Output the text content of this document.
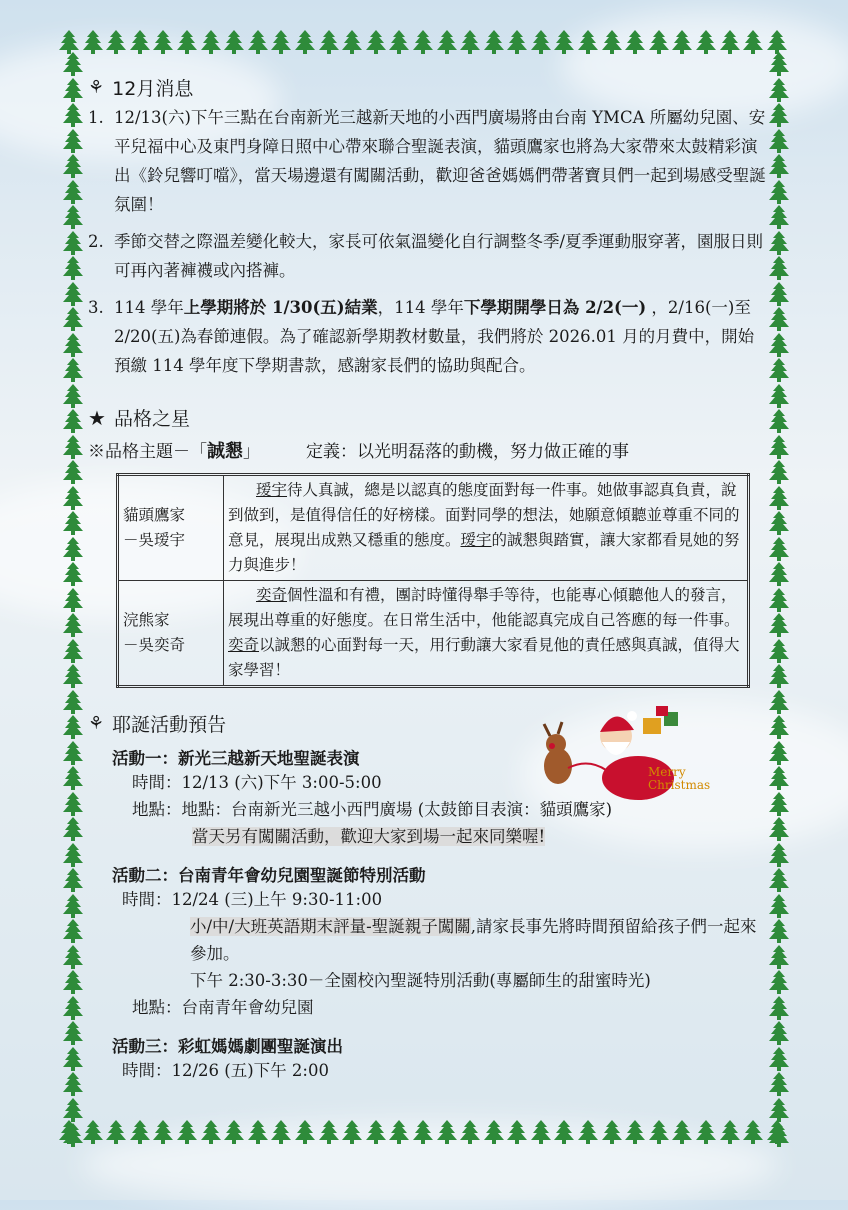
⚘ 12月消息
1. 12/13(六)下午三點在台南新光三越新天地的小西門廣場將由台南 YMCA 所屬幼兒園、安平兒福中心及東門身障日照中心帶來聯合聖誕表演，貓頭鷹家也將為大家帶來太鼓精彩演出《鈴兒響叮噹》，當天場邊還有闖關活動，歡迎爸爸媽媽們帶著寶貝們一起到場感受聖誕氛圍！
2. 季節交替之際溫差變化較大，家長可依氣溫變化自行調整冬季/夏季運動服穿著，園服日則可再內著褲襪或內搭褲。
3. 114 學年上學期將於 1/30(五)結業，114 學年下學期開學日為 2/2(一) ，2/16(一)至 2/20(五)為春節連假。為了確認新學期教材數量，我們將於 2026.01 月的月費中，開始預繳 114 學年度下學期書款，感謝家長們的協助與配合。
★ 品格之星
※品格主題－「 誠懇 」	定義：以光明磊落的動機，努力做正確的事
貓頭鷹家
－吳瑷宇	瑷宇待人真誠，總是以認真的態度面對每一件事。她做事認真負責，說到做到，是值得信任的好榜樣。面對同學的想法，她願意傾聽並尊重不同的意見，展現出成熟又穩重的態度。瑷宇的誠懇與踏實，讓大家都看見她的努力與進步！

浣熊家
－吳奕奇	奕奇個性溫和有禮，團討時懂得舉手等待，也能專心傾聽他人的發言，展現出尊重的好態度。在日常生活中，他能認真完成自己答應的每一件事。奕奇以誠懇的心面對每一天，用行動讓大家看見他的責任感與真誠，值得大家學習！
⚘ 耶誕活動預告
Merry
Christmas
活動一：新光三越新天地聖誕表演
時間：12/13 (六)下午 3:00-5:00
地點：地點：台南新光三越小西門廣場 (太鼓節目表演：貓頭鷹家)
當天另有闖關活動，歡迎大家到場一起來同樂喔!
活動二：台南青年會幼兒園聖誕節特別活動
時間：12/24 (三)上午 9:30-11:00
小/中/大班英語期末評量-聖誕親子闖關,請家長事先將時間預留給孩子們一起來參加。
下午 2:30-3:30－全園校內聖誕特別活動(專屬師生的甜蜜時光)
地點：台南青年會幼兒園
活動三：彩虹媽媽劇團聖誕演出
時間：12/26 (五)下午 2:00
